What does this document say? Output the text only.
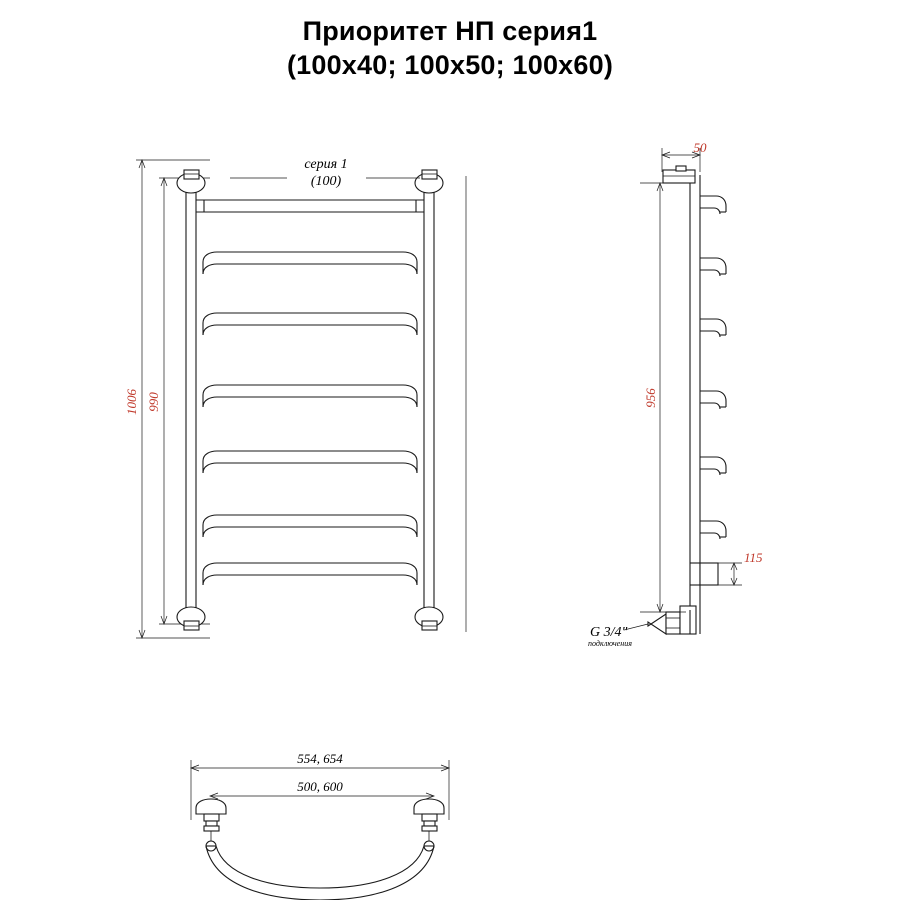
Приоритет НП серия1
(100x40; 100x50; 100x60)
1006 990
серия 1
(100)
50
115
G 3/4"
подключения
956
554, 654
500, 600
